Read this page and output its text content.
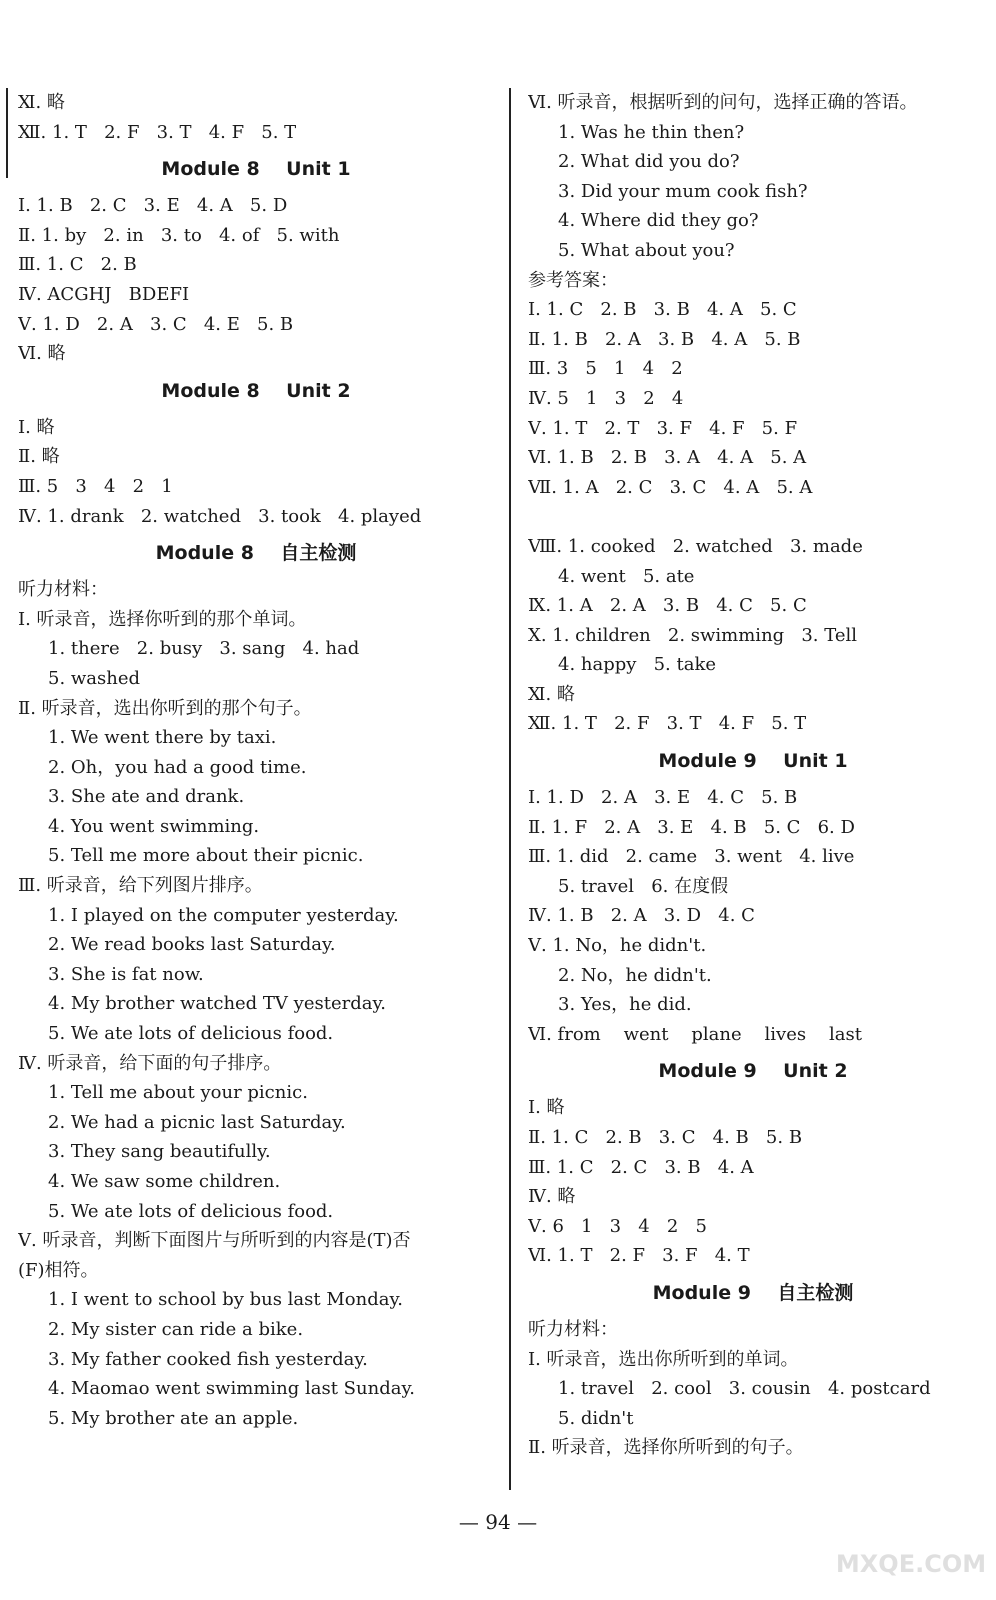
Ⅺ. 略
Ⅻ. 1. T   2. F   3. T   4. F   5. T
Module 8    Unit 1
Ⅰ. 1. B   2. C   3. E   4. A   5. D
Ⅱ. 1. by   2. in   3. to   4. of   5. with
Ⅲ. 1. C   2. B
Ⅳ. ACGHJ   BDEFI
Ⅴ. 1. D   2. A   3. C   4. E   5. B
Ⅵ. 略
Module 8    Unit 2
Ⅰ. 略
Ⅱ. 略
Ⅲ. 5   3   4   2   1
Ⅳ. 1. drank   2. watched   3. took   4. played
Module 8    自主检测
听力材料：
Ⅰ. 听录音，选择你听到的那个单词。
1. there   2. busy   3. sang   4. had
5. washed
Ⅱ. 听录音，选出你听到的那个句子。
1. We went there by taxi.
2. Oh，you had a good time.
3. She ate and drank.
4. You went swimming.
5. Tell me more about their picnic.
Ⅲ. 听录音，给下列图片排序。
1. I played on the computer yesterday.
2. We read books last Saturday.
3. She is fat now.
4. My brother watched TV yesterday.
5. We ate lots of delicious food.
Ⅳ. 听录音，给下面的句子排序。
1. Tell me about your picnic.
2. We had a picnic last Saturday.
3. They sang beautifully.
4. We saw some children.
5. We ate lots of delicious food.
Ⅴ. 听录音，判断下面图片与所听到的内容是(T)否
(F)相符。
1. I went to school by bus last Monday.
2. My sister can ride a bike.
3. My father cooked fish yesterday.
4. Maomao went swimming last Sunday.
5. My brother ate an apple.
Ⅵ. 听录音，根据听到的问句，选择正确的答语。
1. Was he thin then?
2. What did you do?
3. Did your mum cook fish?
4. Where did they go?
5. What about you?
参考答案：
Ⅰ. 1. C   2. B   3. B   4. A   5. C
Ⅱ. 1. B   2. A   3. B   4. A   5. B
Ⅲ. 3   5   1   4   2
Ⅳ. 5   1   3   2   4
Ⅴ. 1. T   2. T   3. F   4. F   5. F
Ⅵ. 1. B   2. B   3. A   4. A   5. A
Ⅶ. 1. A   2. C   3. C   4. A   5. A
Ⅷ. 1. cooked   2. watched   3. made
4. went   5. ate
Ⅸ. 1. A   2. A   3. B   4. C   5. C
Ⅹ. 1. children   2. swimming   3. Tell
4. happy   5. take
Ⅺ. 略
Ⅻ. 1. T   2. F   3. T   4. F   5. T
Module 9    Unit 1
Ⅰ. 1. D   2. A   3. E   4. C   5. B
Ⅱ. 1. F   2. A   3. E   4. B   5. C   6. D
Ⅲ. 1. did   2. came   3. went   4. live
5. travel   6. 在度假
Ⅳ. 1. B   2. A   3. D   4. C
Ⅴ. 1. No，he didn't.
2. No，he didn't.
3. Yes，he did.
Ⅵ. from    went    plane    lives    last
Module 9    Unit 2
Ⅰ. 略
Ⅱ. 1. C   2. B   3. C   4. B   5. B
Ⅲ. 1. C   2. C   3. B   4. A
Ⅳ. 略
Ⅴ. 6   1   3   4   2   5
Ⅵ. 1. T   2. F   3. F   4. T
Module 9    自主检测
听力材料：
Ⅰ. 听录音，选出你所听到的单词。
1. travel   2. cool   3. cousin   4. postcard
5. didn't
Ⅱ. 听录音，选择你所听到的句子。
— 94 —
MXQE.COM
